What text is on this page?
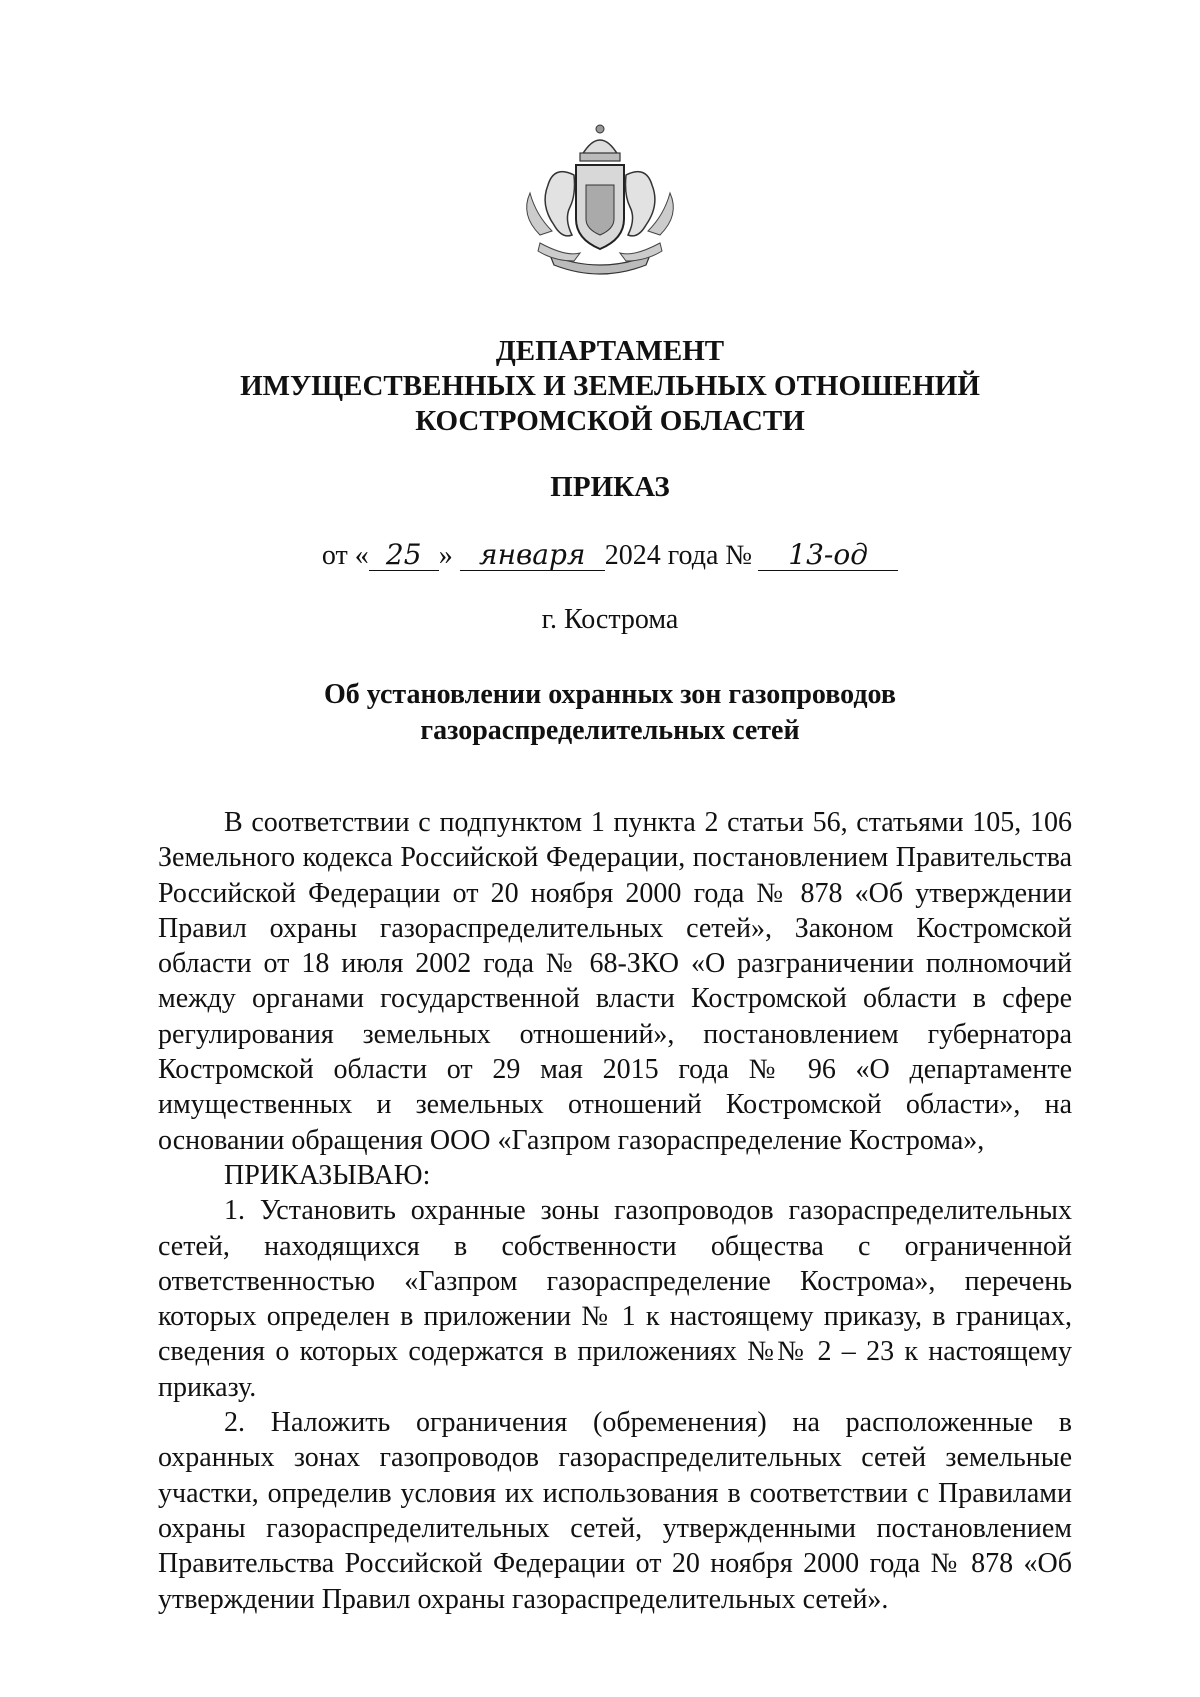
ДЕПАРТАМЕНТ
ИМУЩЕСТВЕННЫХ И ЗЕМЕЛЬНЫХ ОТНОШЕНИЙ
КОСТРОМСКОЙ ОБЛАСТИ
ПРИКАЗ
от « 25 » января 2024 года № 13-од
г. Кострома
Об установлении охранных зон газопроводов
газораспределительных сетей

В соответствии с подпунктом 1 пункта 2 статьи 56, статьями 105, 106 Земельного кодекса Российской Федерации, постановлением Правительства Российской Федерации от 20 ноября 2000 года № 878 «Об утверждении Правил охраны газораспределительных сетей», Законом Костромской области от 18 июля 2002 года № 68-ЗКО «О разграничении полномочий между органами государственной власти Костромской области в сфере регулирования земельных отношений», постановлением губернатора Костромской области от 29 мая 2015 года № 96 «О департаменте имущественных и земельных отношений Костромской области», на основании обращения ООО «Газпром газораспределение Кострома»,

ПРИКАЗЫВАЮ:

1. Установить охранные зоны газопроводов газораспределительных сетей, находящихся в собственности общества с ограниченной ответственностью «Газпром газораспределение Кострома», перечень которых определен в приложении № 1 к настоящему приказу, в границах, сведения о которых содержатся в приложениях №№ 2 – 23 к настоящему приказу.

2. Наложить ограничения (обременения) на расположенные в охранных зонах газопроводов газораспределительных сетей земельные участки, определив условия их использования в соответствии с Правилами охраны газораспределительных сетей, утвержденными постановлением Правительства Российской Федерации от 20 ноября 2000 года № 878 «Об утверждении Правил охраны газораспределительных сетей».
